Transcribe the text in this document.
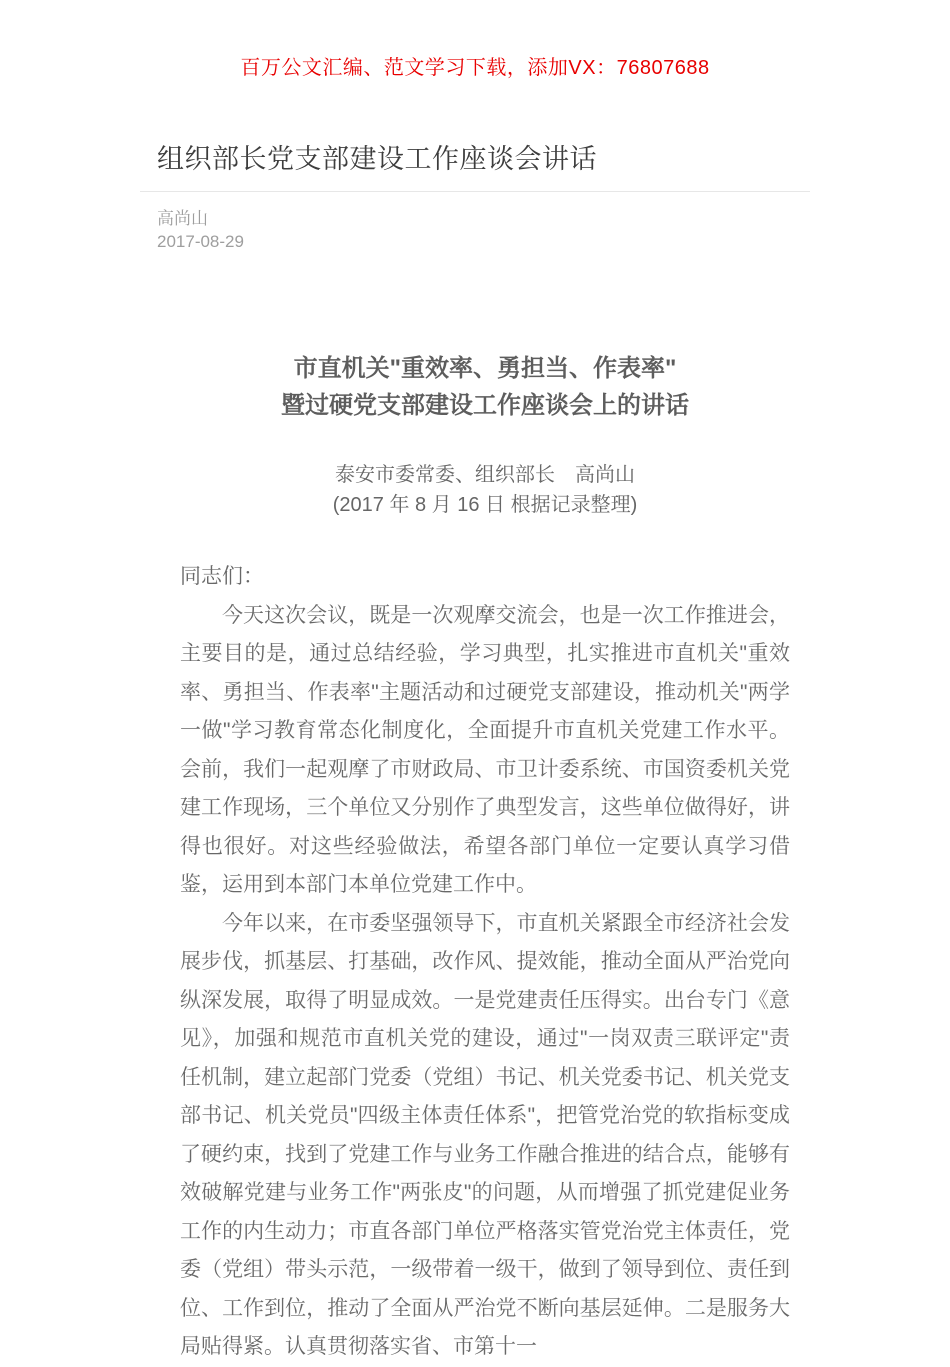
百万公文汇编、范文学习下载，添加VX：76807688
组织部长党支部建设工作座谈会讲话
高尚山
2017-08-29
市直机关"重效率、勇担当、作表率"
暨过硬党支部建设工作座谈会上的讲话
泰安市委常委、组织部长　高尚山
(2017 年 8 月 16 日 根据记录整理)

同志们：

今天这次会议，既是一次观摩交流会，也是一次工作推进会，主要目的是，通过总结经验，学习典型，扎实推进市直机关"重效率、勇担当、作表率"主题活动和过硬党支部建设，推动机关"两学一做"学习教育常态化制度化，全面提升市直机关党建工作水平。会前，我们一起观摩了市财政局、市卫计委系统、市国资委机关党建工作现场，三个单位又分别作了典型发言，这些单位做得好，讲得也很好。对这些经验做法，希望各部门单位一定要认真学习借鉴，运用到本部门本单位党建工作中。

今年以来，在市委坚强领导下，市直机关紧跟全市经济社会发展步伐，抓基层、打基础，改作风、提效能，推动全面从严治党向纵深发展，取得了明显成效。一是党建责任压得实。出台专门《意见》，加强和规范市直机关党的建设，通过"一岗双责三联评定"责任机制，建立起部门党委（党组）书记、机关党委书记、机关党支部书记、机关党员"四级主体责任体系"，把管党治党的软指标变成了硬约束，找到了党建工作与业务工作融合推进的结合点，能够有效破解党建与业务工作"两张皮"的问题，从而增强了抓党建促业务工作的内生动力；市直各部门单位严格落实管党治党主体责任，党委（党组）带头示范，一级带着一级干，做到了领导到位、责任到位、工作到位，推动了全面从严治党不断向基层延伸。二是服务大局贴得紧。认真贯彻落实省、市第十一
